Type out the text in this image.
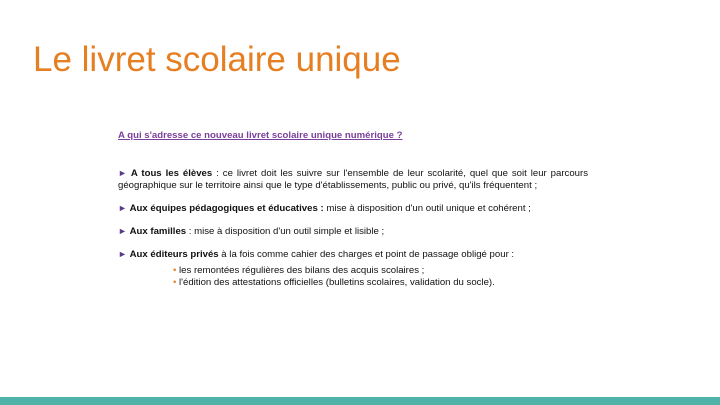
Le livret scolaire unique
A qui s'adresse ce nouveau livret scolaire unique numérique ?
► A tous les élèves : ce livret doit les suivre sur l'ensemble de leur scolarité, quel que soit leur parcours géographique sur le territoire ainsi que le type d'établissements, public ou privé, qu'ils fréquentent ;
► Aux équipes pédagogiques et éducatives : mise à disposition d'un outil unique et cohérent ;
► Aux familles : mise à disposition d'un outil simple et lisible ;
► Aux éditeurs privés à la fois comme cahier des charges et point de passage obligé pour :
• les remontées régulières des bilans des acquis scolaires ;
• l'édition des attestations officielles (bulletins scolaires, validation du socle).
